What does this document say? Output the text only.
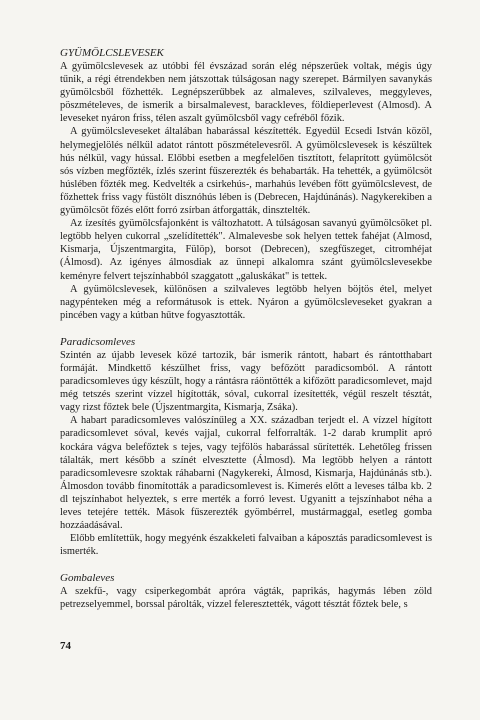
GYÜMÖLCSLEVESEK

A gyümölcslevesek az utóbbi fél évszázad során elég népszerűek voltak, mégis úgy tűnik, a régi étrendekben nem játszottak túlságosan nagy szerepet. Bármilyen savanykás gyümölcsből főzhették. Legnépszerűbbek az almaleves, szilvaleves, meggyleves, pöszmételeves, de ismerik a birsalmalevest, barackleves, földieperlevest (Almosd). A leveseket nyáron friss, télen aszalt gyümölcsből vagy cefréből főzik.

A gyümölcsleveseket általában habarással készítették. Egyedül Ecsedi István közöl, helymegjelölés nélkül adatot rántott pöszmételevesről. A gyümölcslevesek is készültek hús nélkül, vagy hússal. Előbbi esetben a megfelelően tisztított, felaprított gyümölcsöt sós vízben megfőzték, ízlés szerint fűszerezték és behabarták. Ha tehették, a gyümölcsöt húslében főzték meg. Kedvelték a csirkehús-, marhahús levében főtt gyümölcslevest, de főzhettek friss vagy füstölt disznóhús lében is (Debrecen, Hajdúnánás). Nagykerekiben a gyümölcsöt főzés előtt forró zsírban átforgatták, dinsztelték.

Az ízesítés gyümölcsfajonként is változhatott. A túlságosan savanyú gyümölcsöket pl. legtöbb helyen cukorral „szelídítették". Almalevesbe sok helyen tettek fahéjat (Almosd, Kismarja, Újszentmargita, Fülöp), borsot (Debrecen), szegfűszeget, citromhéjat (Álmosd). Az igényes álmosdiak az ünnepi alkalomra szánt gyümölcslevesekbe keményre felvert tejszínhabból szaggatott „galuskákat" is tettek.

A gyümölcslevesek, különösen a szilvaleves legtöbb helyen böjtös étel, melyet nagypénteken még a reformátusok is ettek. Nyáron a gyümölcsleveseket gyakran a pincében vagy a kútban hűtve fogyasztották.

Paradicsomleves

Szintén az újabb levesek közé tartozik, bár ismerik rántott, habart és rántotthabart formáját. Mindkettő készülhet friss, vagy befőzött paradicsomból. A rántott paradicsomleves úgy készült, hogy a rántásra ráöntötték a kifőzött paradicsomlevet, majd még tetszés szerint vízzel hígították, sóval, cukorral ízesítették, végül reszelt tésztát, vagy rizst főztek bele (Újszentmargita, Kismarja, Zsáka).

A habart paradicsomleves valószínűleg a XX. században terjedt el. A vízzel hígított paradicsomlevet sóval, kevés vajjal, cukorral felforralták. 1-2 darab krumplit apró kockára vágva belefőztek s tejes, vagy tejfölös habarással sűrítették. Lehetőleg frissen tálalták, mert később a színét elvesztette (Álmosd). Ma legtöbb helyen a rántott paradicsomlevesre szoktak ráhabarni (Nagykereki, Álmosd, Kismarja, Hajdúnánás stb.). Álmosdon tovább finomították a paradicsomlevest is. Kimerés előtt a leveses tálba kb. 2 dl tejszínhabot helyeztek, s erre merték a forró levest. Ugyanitt a tejszínhabot néha a leves tetejére tették. Mások fűszerezték gyömbérrel, mustármaggal, esetleg gomba hozzáadásával.

Előbb említettük, hogy megyénk északkeleti falvaiban a káposztás paradicsomlevest is ismerték.

Gombaleves

A szekfű-, vagy csiperkegombát apróra vágták, paprikás, hagymás lében zöld petrezselyemmel, borssal párolták, vízzel feleresztették, vágott tésztát főztek bele, s

74
